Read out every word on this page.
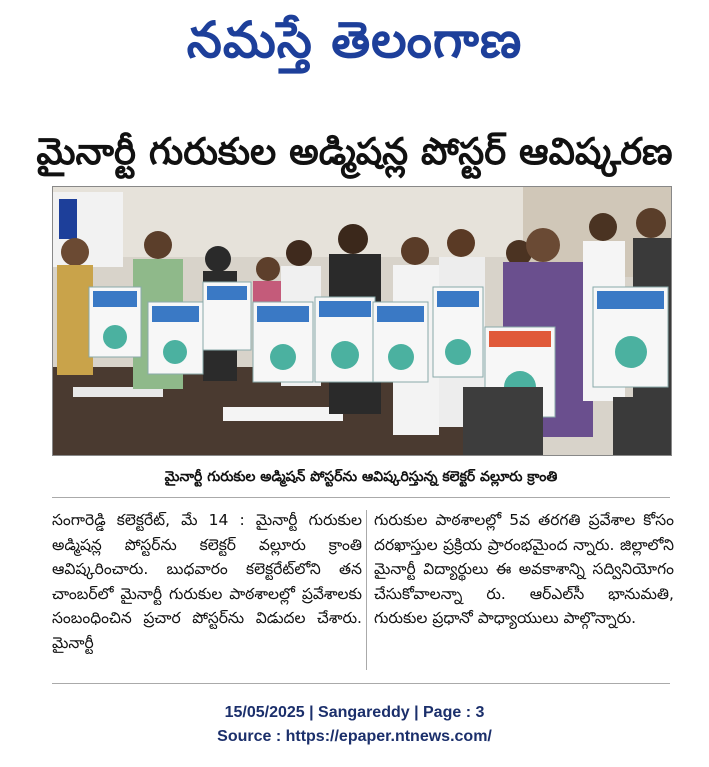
నమస్తే తెలంగాణ
మైనార్టీ గురుకుల అడ్మిషన్ల పోస్టర్ ఆవిష్కరణ
మైనార్టీ గురుకుల అడ్మిషన్ పోస్టర్‌ను ఆవిష్కరిస్తున్న కలెక్టర్ వల్లూరు క్రాంతి
సంగారెడ్డి కలెక్టరేట్, మే 14 : మైనార్టీ గురుకుల అడ్మిషన్ల పోస్టర్‌ను కలెక్టర్ వల్లూరు క్రాంతి ఆవిష్కరించారు. బుధవారం కలెక్టరేట్‌లోని తన చాంబర్‌లో మైనార్టీ గురుకుల పాఠశాలల్లో ప్రవేశాలకు సంబంధించిన ప్రచార పోస్టర్‌ను విడుదల చేశారు. మైనార్టీ
గురుకుల పాఠశాలల్లో 5వ తరగతి ప్రవేశాల కోసం దరఖాస్తుల ప్రక్రియ ప్రారంభమైంద న్నారు. జిల్లాలోని మైనార్టీ విద్యార్థులు ఈ అవకాశాన్ని సద్వినియోగం చేసుకోవాలన్నా రు. ఆర్‌ఎల్‌సీ భానుమతి, గురుకుల ప్రధానో పాధ్యాయులు పాల్గొన్నారు.
15/05/2025 | Sangareddy | Page : 3
Source : https://epaper.ntnews.com/
